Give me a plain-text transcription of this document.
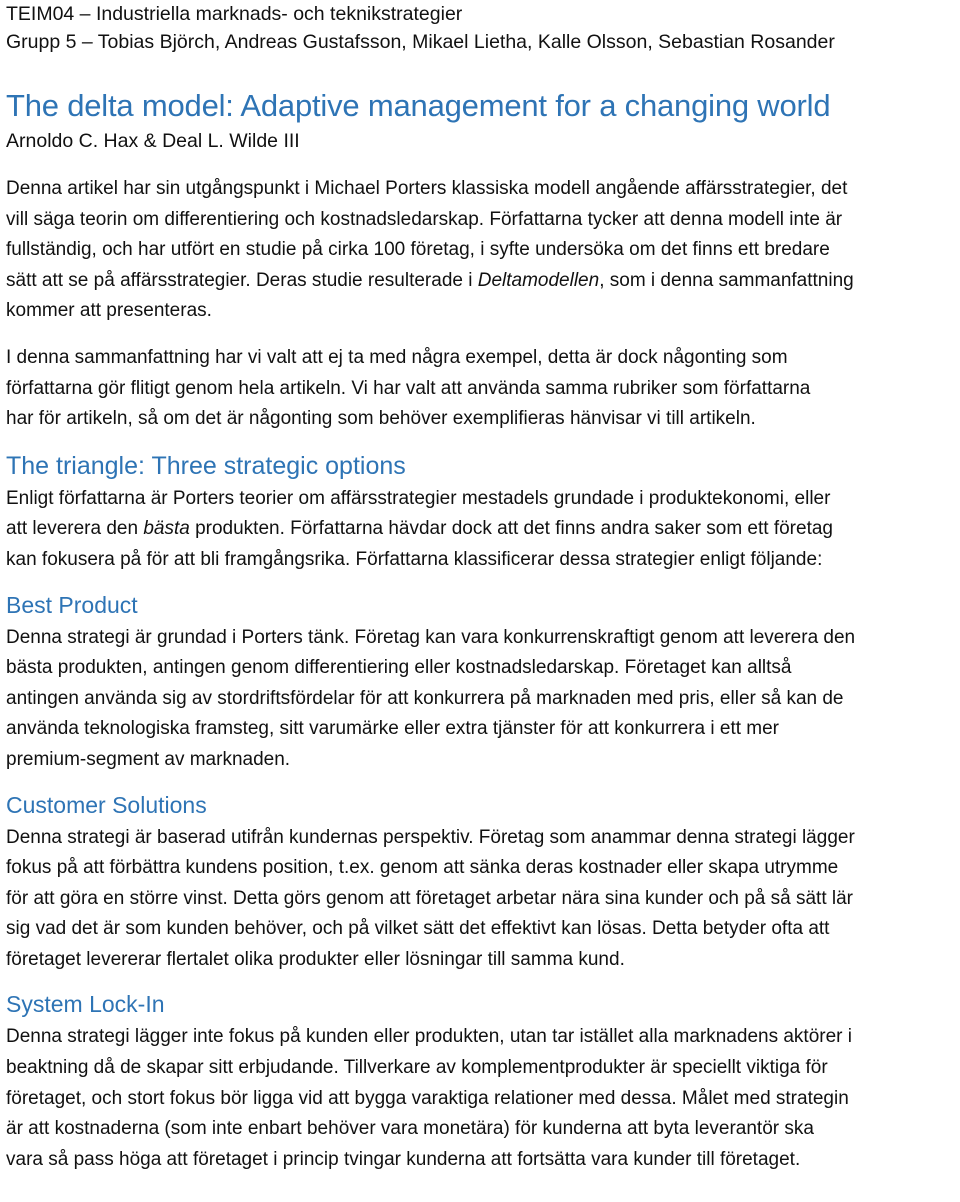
TEIM04 – Industriella marknads- och teknikstrategier
Grupp 5 – Tobias Björch, Andreas Gustafsson, Mikael Lietha, Kalle Olsson, Sebastian Rosander
The delta model: Adaptive management for a changing world
Arnoldo C. Hax & Deal L. Wilde III

Denna artikel har sin utgångspunkt i Michael Porters klassiska modell angående affärsstrategier, det
vill säga teorin om differentiering och kostnadsledarskap. Författarna tycker att denna modell inte är
fullständig, och har utfört en studie på cirka 100 företag, i syfte undersöka om det finns ett bredare
sätt att se på affärsstrategier. Deras studie resulterade i Deltamodellen, som i denna sammanfattning
kommer att presenteras.

I denna sammanfattning har vi valt att ej ta med några exempel, detta är dock någonting som
författarna gör flitigt genom hela artikeln. Vi har valt att använda samma rubriker som författarna
har för artikeln, så om det är någonting som behöver exemplifieras hänvisar vi till artikeln.

The triangle: Three strategic options

Enligt författarna är Porters teorier om affärsstrategier mestadels grundade i produktekonomi, eller
att leverera den bästa produkten. Författarna hävdar dock att det finns andra saker som ett företag
kan fokusera på för att bli framgångsrika. Författarna klassificerar dessa strategier enligt följande:

Best Product

Denna strategi är grundad i Porters tänk. Företag kan vara konkurrenskraftigt genom att leverera den
bästa produkten, antingen genom differentiering eller kostnadsledarskap. Företaget kan alltså
antingen använda sig av stordriftsfördelar för att konkurrera på marknaden med pris, eller så kan de
använda teknologiska framsteg, sitt varumärke eller extra tjänster för att konkurrera i ett mer
premium-segment av marknaden.

Customer Solutions

Denna strategi är baserad utifrån kundernas perspektiv. Företag som anammar denna strategi lägger
fokus på att förbättra kundens position, t.ex. genom att sänka deras kostnader eller skapa utrymme
för att göra en större vinst. Detta görs genom att företaget arbetar nära sina kunder och på så sätt lär
sig vad det är som kunden behöver, och på vilket sätt det effektivt kan lösas. Detta betyder ofta att
företaget levererar flertalet olika produkter eller lösningar till samma kund.

System Lock-In

Denna strategi lägger inte fokus på kunden eller produkten, utan tar istället alla marknadens aktörer i
beaktning då de skapar sitt erbjudande. Tillverkare av komplementprodukter är speciellt viktiga för
företaget, och stort fokus bör ligga vid att bygga varaktiga relationer med dessa. Målet med strategin
är att kostnaderna (som inte enbart behöver vara monetära) för kunderna att byta leverantör ska
vara så pass höga att företaget i princip tvingar kunderna att fortsätta vara kunder till företaget.
